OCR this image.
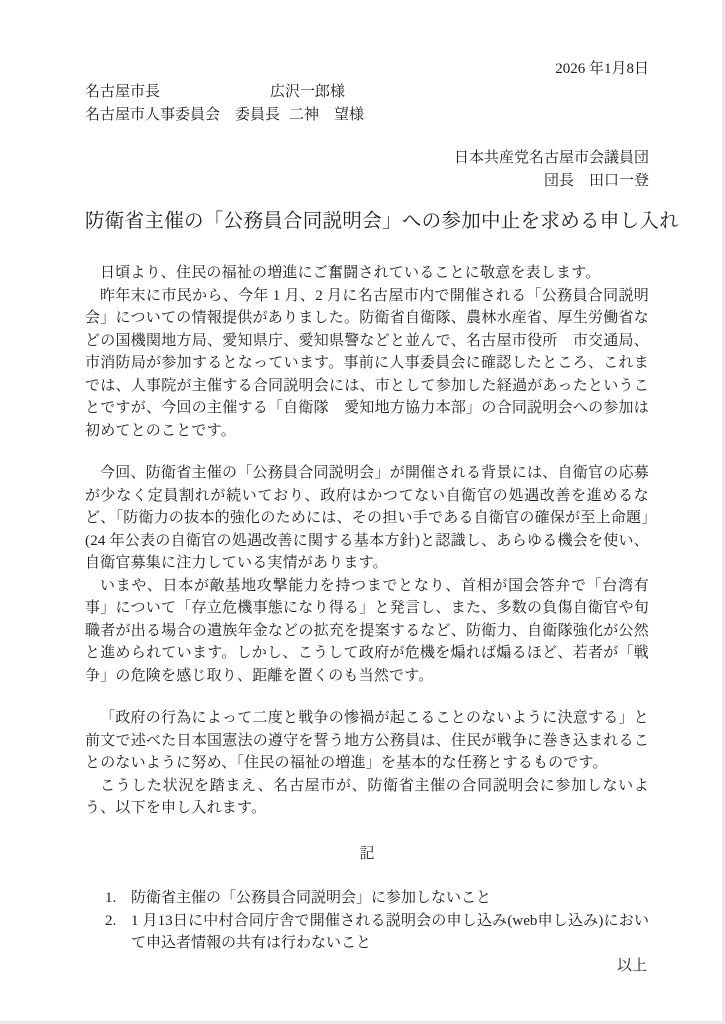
2026 年1月8日
名古屋市長	広沢一郎様
名古屋市人事委員会　委員長 二神　望様
日本共産党名古屋市会議員団
団長　田口一登
防衛省主催の「公務員合同説明会」への参加中止を求める申し入れ

日頃より、住民の福祉の増進にご奮闘されていることに敬意を表します。

昨年末に市民から、今年 1 月、2 月に名古屋市内で開催される「公務員合同説明会」についての情報提供がありました。防衛省自衛隊、農林水産省、厚生労働省などの国機関地方局、愛知県庁、愛知県警などと並んで、名古屋市役所　市交通局、市消防局が参加するとなっています。事前に人事委員会に確認したところ、これまでは、人事院が主催する合同説明会には、市として参加した経過があったということですが、今回の主催する「自衛隊　愛知地方協力本部」の合同説明会への参加は初めてとのことです。

今回、防衛省主催の「公務員合同説明会」が開催される背景には、自衛官の応募が少なく定員割れが続いており、政府はかつてない自衛官の処遇改善を進めるなど、「防衛力の抜本的強化のためには、その担い手である自衛官の確保が至上命題」(24 年公表の自衛官の処遇改善に関する基本方針)と認識し、あらゆる機会を使い、自衛官募集に注力している実情があります。

いまや、日本が敵基地攻撃能力を持つまでとなり、首相が国会答弁で「台湾有事」について「存立危機事態になり得る」と発言し、また、多数の負傷自衛官や旬職者が出る場合の遺族年金などの拡充を提案するなど、防衛力、自衛隊強化が公然と進められています。しかし、こうして政府が危機を煽れば煽るほど、若者が「戦争」の危険を感じ取り、距離を置くのも当然です。

「政府の行為によって二度と戦争の惨禍が起こることのないように決意する」と前文で述べた日本国憲法の遵守を誓う地方公務員は、住民が戦争に巻き込まれることのないように努め、「住民の福祉の増進」を基本的な任務とするものです。

こうした状況を踏まえ、名古屋市が、防衛省主催の合同説明会に参加しないよう、以下を申し入れます。

記
1. 防衛省主催の「公務員合同説明会」に参加しないこと
2. 1 月13日に中村合同庁舎で開催される説明会の申し込み(web申し込み)において申込者情報の共有は行わないこと
以上
